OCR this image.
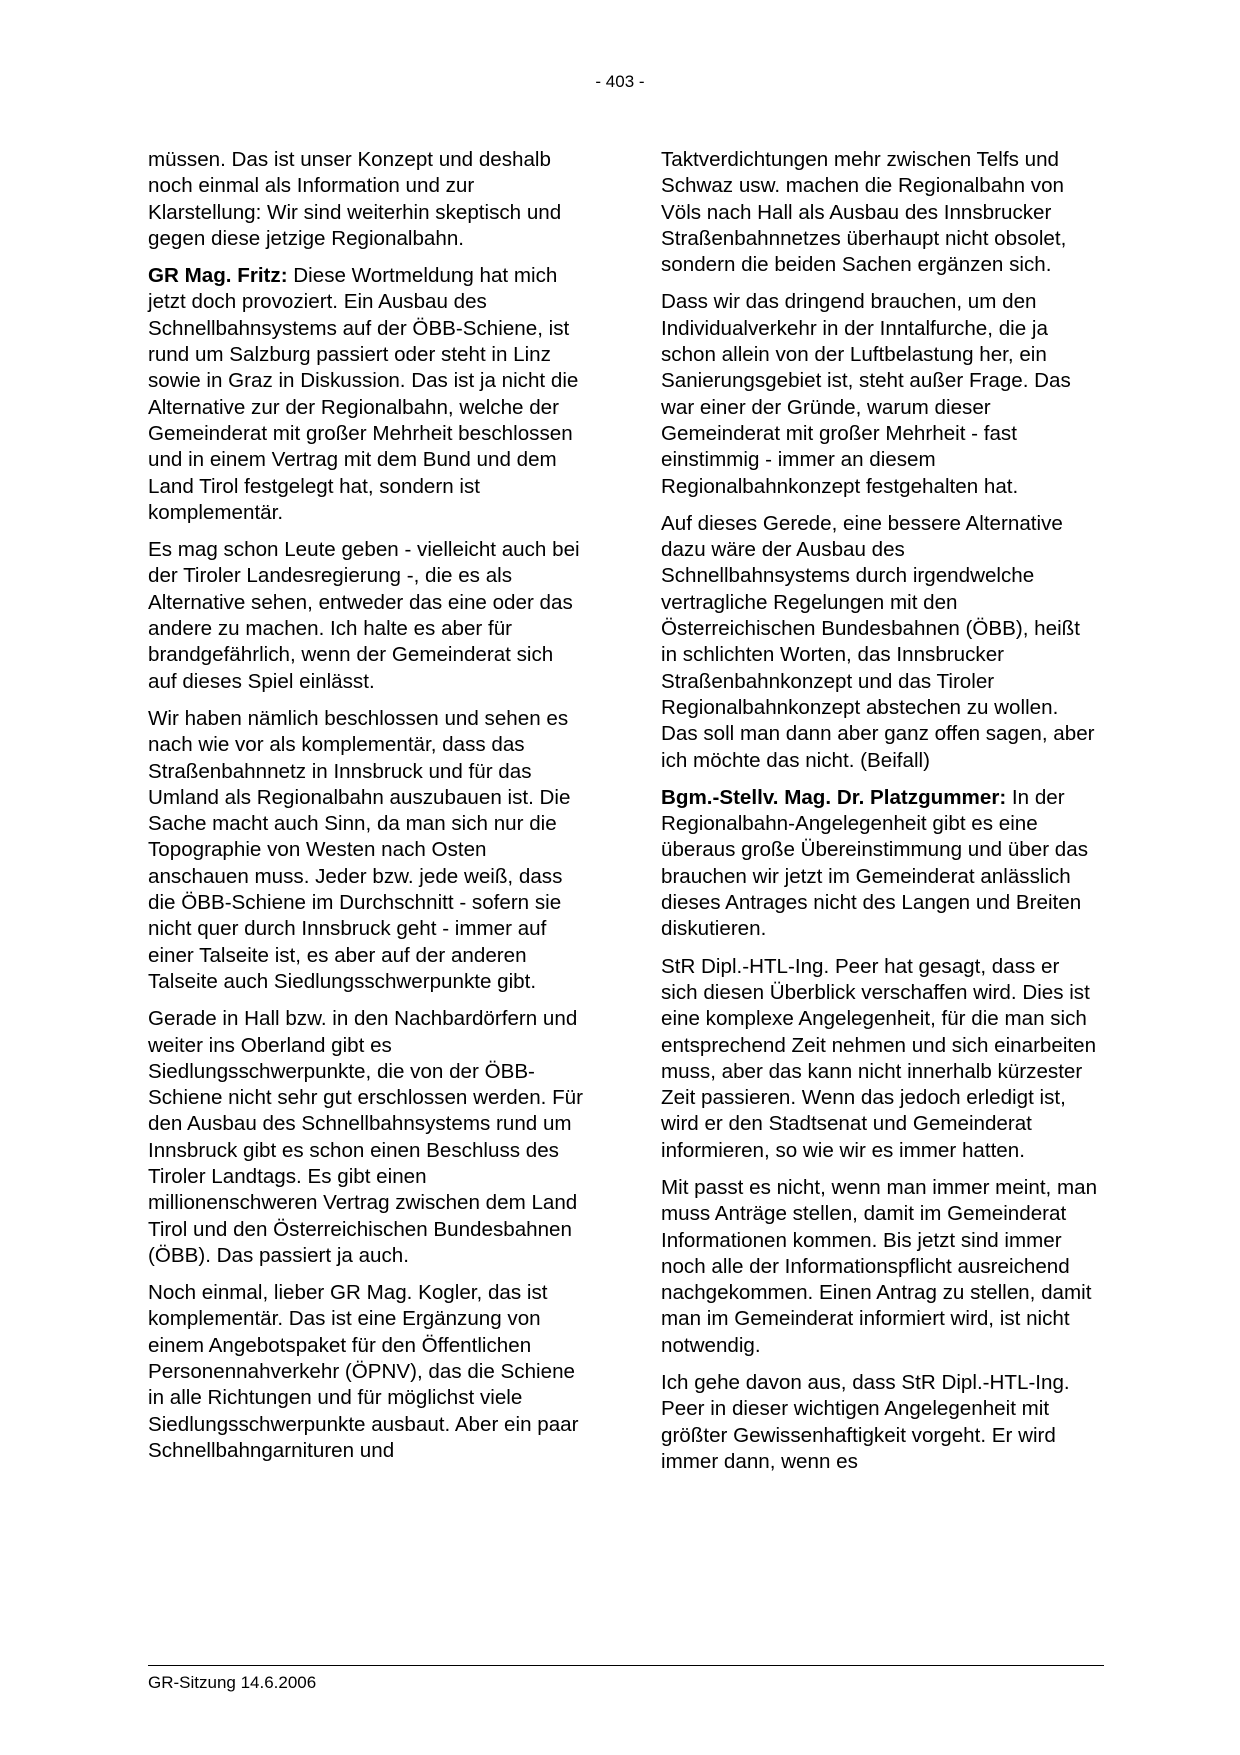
- 403 -

müssen. Das ist unser Konzept und deshalb noch einmal als Information und zur Klarstellung: Wir sind weiterhin skeptisch und gegen diese jetzige Regionalbahn.

GR Mag. Fritz: Diese Wortmeldung hat mich jetzt doch provoziert. Ein Ausbau des Schnellbahnsystems auf der ÖBB-Schiene, ist rund um Salzburg passiert oder steht in Linz sowie in Graz in Diskussion. Das ist ja nicht die Alternative zur der Regionalbahn, welche der Gemeinderat mit großer Mehrheit beschlossen und in einem Vertrag mit dem Bund und dem Land Tirol festgelegt hat, sondern ist komplementär.

Es mag schon Leute geben - vielleicht auch bei der Tiroler Landesregierung -, die es als Alternative sehen, entweder das eine oder das andere zu machen. Ich halte es aber für brandgefährlich, wenn der Gemeinderat sich auf dieses Spiel einlässt.

Wir haben nämlich beschlossen und sehen es nach wie vor als komplementär, dass das Straßenbahnnetz in Innsbruck und für das Umland als Regionalbahn auszubauen ist. Die Sache macht auch Sinn, da man sich nur die Topographie von Westen nach Osten anschauen muss. Jeder bzw. jede weiß, dass die ÖBB-Schiene im Durchschnitt - sofern sie nicht quer durch Innsbruck geht - immer auf einer Talseite ist, es aber auf der anderen Talseite auch Siedlungsschwerpunkte gibt.

Gerade in Hall bzw. in den Nachbardörfern und weiter ins Oberland gibt es Siedlungsschwerpunkte, die von der ÖBB-Schiene nicht sehr gut erschlossen werden. Für den Ausbau des Schnellbahnsystems rund um Innsbruck gibt es schon einen Beschluss des Tiroler Landtags. Es gibt einen millionenschweren Vertrag zwischen dem Land Tirol und den Österreichischen Bundesbahnen (ÖBB). Das passiert ja auch.

Noch einmal, lieber GR Mag. Kogler, das ist komplementär. Das ist eine Ergänzung von einem Angebotspaket für den Öffentlichen Personennahverkehr (ÖPNV), das die Schiene in alle Richtungen und für möglichst viele Siedlungsschwerpunkte ausbaut. Aber ein paar Schnellbahngarnituren und

Taktverdichtungen mehr zwischen Telfs und Schwaz usw. machen die Regionalbahn von Völs nach Hall als Ausbau des Innsbrucker Straßenbahnnetzes überhaupt nicht obsolet, sondern die beiden Sachen ergänzen sich.

Dass wir das dringend brauchen, um den Individualverkehr in der Inntalfurche, die ja schon allein von der Luftbelastung her, ein Sanierungsgebiet ist, steht außer Frage. Das war einer der Gründe, warum dieser Gemeinderat mit großer Mehrheit - fast einstimmig - immer an diesem Regionalbahnkonzept festgehalten hat.

Auf dieses Gerede, eine bessere Alternative dazu wäre der Ausbau des Schnellbahnsystems durch irgendwelche vertragliche Regelungen mit den Österreichischen Bundesbahnen (ÖBB), heißt in schlichten Worten, das Innsbrucker Straßenbahnkonzept und das Tiroler Regionalbahnkonzept abstechen zu wollen. Das soll man dann aber ganz offen sagen, aber ich möchte das nicht. (Beifall)

Bgm.-Stellv. Mag. Dr. Platzgummer: In der Regionalbahn-Angelegenheit gibt es eine überaus große Übereinstimmung und über das brauchen wir jetzt im Gemeinderat anlässlich dieses Antrages nicht des Langen und Breiten diskutieren.

StR Dipl.-HTL-Ing. Peer hat gesagt, dass er sich diesen Überblick verschaffen wird. Dies ist eine komplexe Angelegenheit, für die man sich entsprechend Zeit nehmen und sich einarbeiten muss, aber das kann nicht innerhalb kürzester Zeit passieren. Wenn das jedoch erledigt ist, wird er den Stadtsenat und Gemeinderat informieren, so wie wir es immer hatten.

Mit passt es nicht, wenn man immer meint, man muss Anträge stellen, damit im Gemeinderat Informationen kommen. Bis jetzt sind immer noch alle der Informationspflicht ausreichend nachgekommen. Einen Antrag zu stellen, damit man im Gemeinderat informiert wird, ist nicht notwendig.

Ich gehe davon aus, dass StR Dipl.-HTL-Ing. Peer in dieser wichtigen Angelegenheit mit größter Gewissenhaftigkeit vorgeht. Er wird immer dann, wenn es

GR-Sitzung 14.6.2006
